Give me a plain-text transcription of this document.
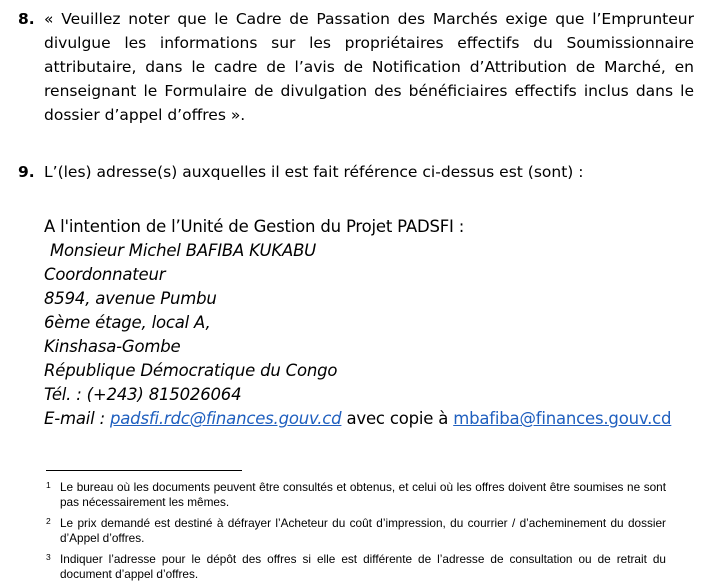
8. « Veuillez noter que le Cadre de Passation des Marchés exige que l’Emprunteur divulgue les informations sur les propriétaires effectifs du Soumissionnaire attributaire, dans le cadre de l’avis de Notification d’Attribution de Marché, en renseignant le Formulaire de divulgation des bénéficiaires effectifs inclus dans le dossier d’appel d’offres ».
9. L’(les) adresse(s) auxquelles il est fait référence ci-dessus est (sont) :
A l'intention de l’Unité de Gestion du Projet PADSFI :
Monsieur Michel BAFIBA KUKABU
Coordonnateur
8594, avenue Pumbu
6ème étage, local A,
Kinshasa-Gombe
République Démocratique du Congo
Tél. : (+243) 815026064
E-mail : padsfi.rdc@finances.gouv.cd avec copie à mbafiba@finances.gouv.cd
1 Le bureau où les documents peuvent être consultés et obtenus, et celui où les offres doivent être soumises ne sont pas nécessairement les mêmes.
2 Le prix demandé est destiné à défrayer l’Acheteur du coût d’impression, du courrier / d’acheminement du dossier d’Appel d’offres.
3 Indiquer l’adresse pour le dépôt des offres si elle est différente de l’adresse de consultation ou de retrait du document d’appel d’offres.
